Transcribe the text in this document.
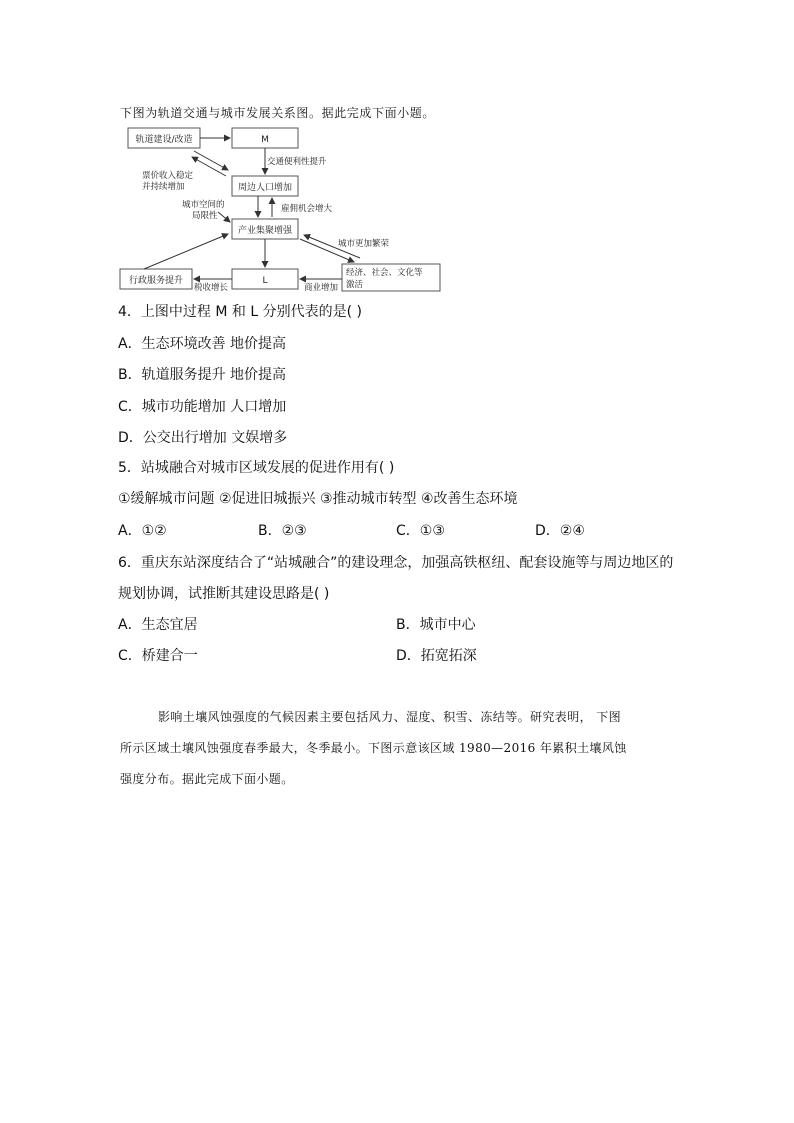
下图为轨道交通与城市发展关系图。据此完成下面小题。
轨道建设/改造	M
周边人口增加
产业集聚增强
L
行政服务提升
经济、社会、文化等
激活
交通便利性提升
票价收入稳定
并持续增加
城市空间的
局限性
雇佣机会增大
城市更加繁荣
税收增长	商业增加
4．上图中过程 M 和 L 分别代表的是( )
A．生态环境改善 地价提高
B．轨道服务提升 地价提高
C．城市功能增加 人口增加
D．公交出行增加 文娱增多
5．站城融合对城市区域发展的促进作用有( )
①缓解城市问题 ②促进旧城振兴 ③推动城市转型 ④改善生态环境
A．①②	B．②③	C．①③	D．②④
6．重庆东站深度结合了“站城融合”的建设理念，加强高铁枢纽、配套设施等与周边地区的
规划协调，试推断其建设思路是( )
A．生态宜居	B．城市中心
C．桥建合一	D．拓宽拓深
影响土壤风蚀强度的气候因素主要包括风力、湿度、积雪、冻结等。研究表明， 下图
所示区域土壤风蚀强度春季最大，冬季最小。下图示意该区域 1980—2016 年累积土壤风蚀
强度分布。据此完成下面小题。
